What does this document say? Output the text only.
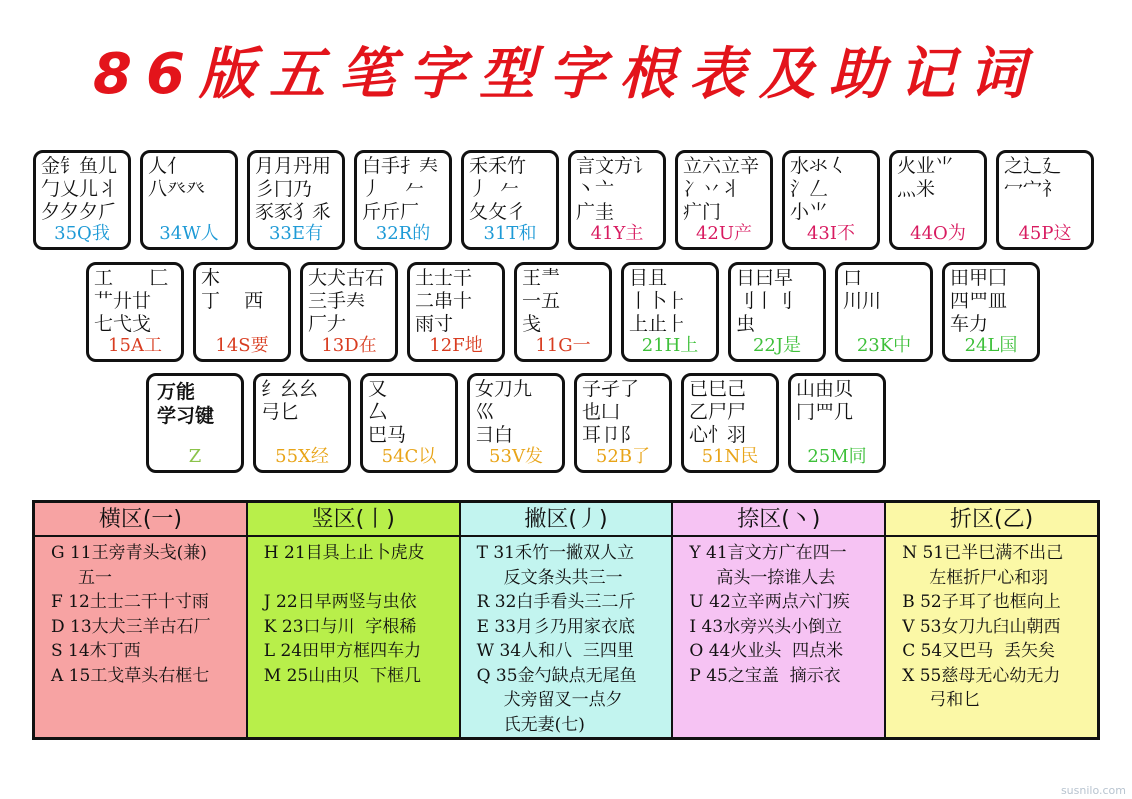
86版五笔字型字根表及助记词
金钅鱼儿
勹乂儿丬
夕夕夕𠂆
35Q我
人亻
八癶癶
34W人
月月丹用
彡冂乃
豕豕犭乑
33E有
白手扌𡗗
丿    𠂉
斤斤厂
32R的
禾禾竹
丿  𠂉
夂攵彳
31T和
言文方讠
丶亠
广圭
41Y主
立六立辛
冫丷丬
疒门
42U产
水氺𡿨
氵𠃋
小⺌
43I不
火业⺌
灬米
44O为
之辶廴
冖宀礻
45P这
工      匚
艹廾廿
七弋戈
15A工
木
丁    西
14S要
大犬古石
三手𡗗
厂𠂇
13D在
土士干
二串十
雨寸
12F地
王龶
一五
戋
11G一
目且
丨卜⺊
上止⺊
21H上
日曰早
刂丨刂
虫
22J是
口
川川
23K中
田甲囗
四罒皿
车力
24L国
万能
学习键
Z
纟幺幺
弓匕
55X经
又
厶
巴马
54C以
女刀九
巛
彐白
53V发
子孑了
也凵
耳卩阝
52B了
已巳己
乙尸尸
心忄羽
51N民
山由贝
冂罒几
25M同
横区(一)
G 11王旁青头戋(兼)
五一
F 12土士二干十寸雨
D 13大犬三羊古石厂
S 14木丁西
A 15工戈草头右框七
竖区(丨)
H 21目具上止卜虎皮

J 22日早两竖与虫依
K 23口与川  字根稀
L 24田甲方框四车力
M 25山由贝  下框几
撇区(丿)
T 31禾竹一撇双人立
反文条头共三一
R 32白手看头三二斤
E 33月彡乃用家衣底
W 34人和八  三四里
Q 35金勺缺点无尾鱼
犬旁留叉一点夕
氏无妻(七)
捺区(丶)
Y 41言文方广在四一
高头一捺谁人去
U 42立辛两点六门疾
I 43水旁兴头小倒立
O 44火业头  四点米
P 45之宝盖  摘示衣
折区(乙)
N 51已半巳满不出己
左框折尸心和羽
B 52子耳了也框向上
V 53女刀九臼山朝西
C 54又巴马  丢矢矣
X 55慈母无心幼无力
弓和匕
susnilo.com
